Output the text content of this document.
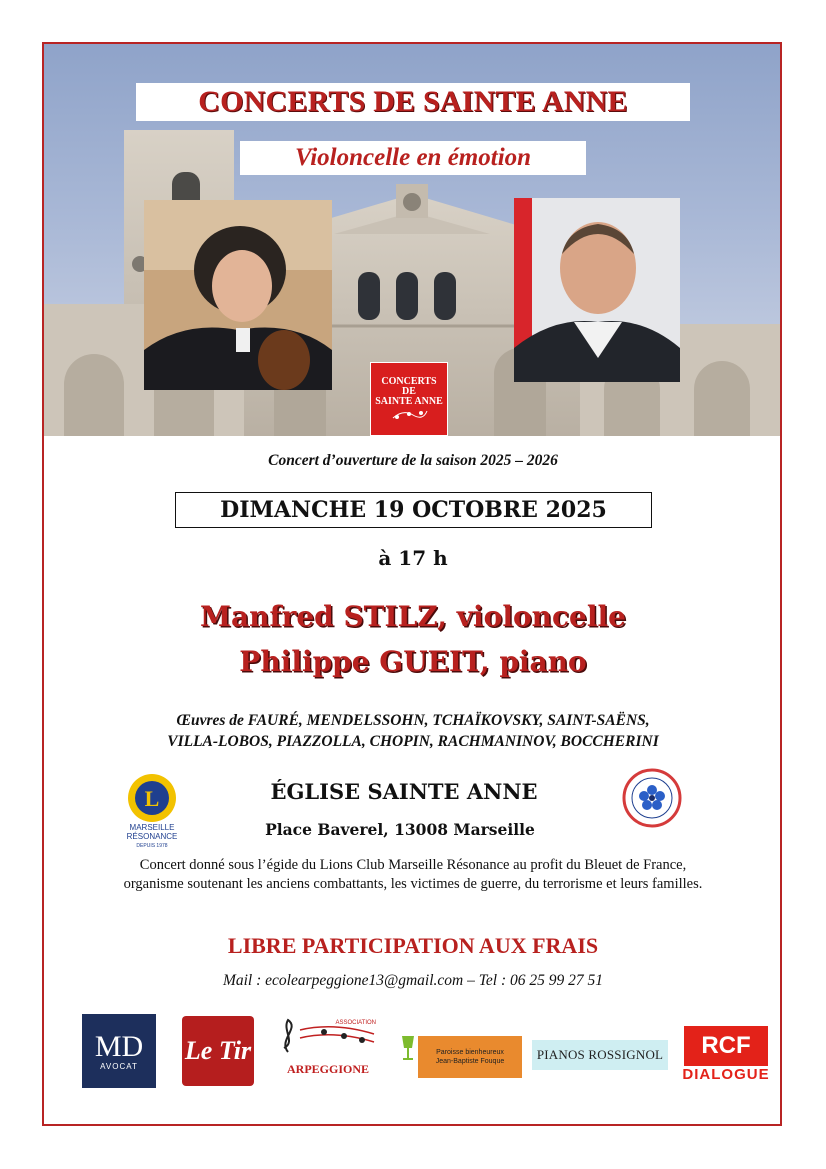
CONCERTS DE SAINTE ANNE
Violoncelle en émotion
CONCERTS
DE
SAINTE ANNE
Concert d’ouverture de la saison 2025 – 2026
DIMANCHE 19 OCTOBRE 2025
à 17 h
Manfred STILZ, violoncelle
Philippe GUEIT, piano
Œuvres de FAURÉ, MENDELSSOHN, TCHAÏKOVSKY, SAINT-SAËNS,
VILLA-LOBOS, PIAZZOLLA, CHOPIN, RACHMANINOV, BOCCHERINI
L
MARSEILLE
RÉSONANCE
DEPUIS 1978
ÉGLISE SAINTE ANNE
Place Baverel, 13008 Marseille
Concert donné sous l’égide du Lions Club Marseille Résonance au profit du Bleuet de France,
organisme soutenant les anciens combattants, les victimes de guerre, du terrorisme et leurs familles.
LIBRE PARTICIPATION AUX FRAIS
Mail : ecolearpeggione13@gmail.com – Tel : 06 25 99 27 51
MD
AVOCAT
Le Tir
ASSOCIATION
ARPEGGIONE
Paroisse bienheureux
Jean-Baptiste Fouque	PIANOS ROSSIGNOL RCF
DIALOGUE
